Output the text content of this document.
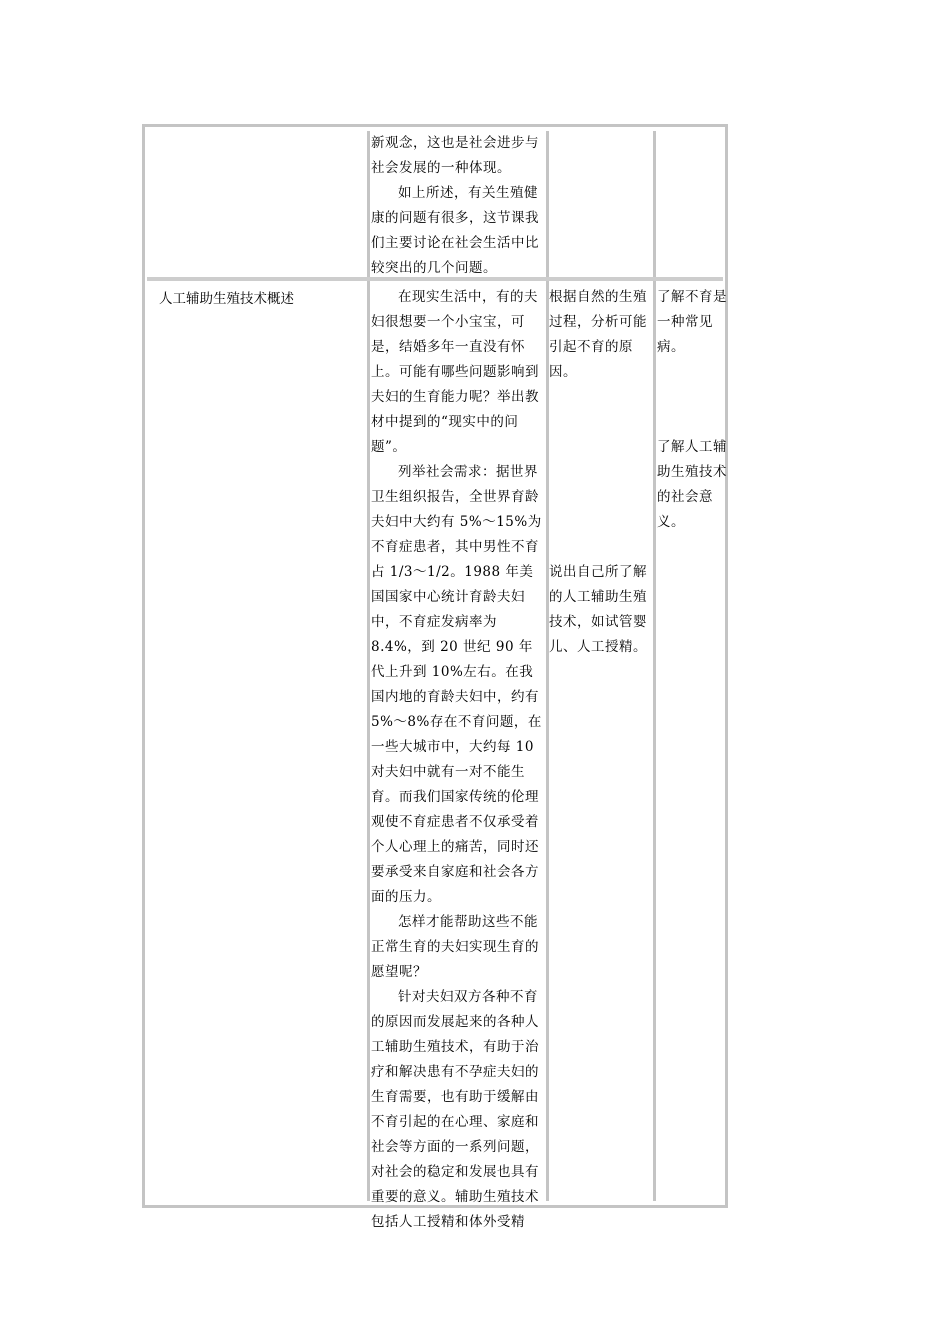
新观念，这也是社会进步与社会发展的一种体现。

如上所述，有关生殖健康的问题有很多，这节课我们主要讨论在社会生活中比较突出的几个问题。

人工辅助生殖技术概述	在现实生活中，有的夫妇很想要一个小宝宝，可是，结婚多年一直没有怀上。可能有哪些问题影响到夫妇的生育能力呢？举出教材中提到的“现实中的问题”。

列举社会需求：据世界卫生组织报告，全世界育龄夫妇中大约有 5%～15%为不育症患者，其中男性不育占 1/3～1/2。1988 年美国国家中心统计育龄夫妇中，不育症发病率为 8.4%，到 20 世纪 90 年代上升到 10%左右。在我国内地的育龄夫妇中，约有 5%～8%存在不育问题，在一些大城市中，大约每 10 对夫妇中就有一对不能生育。而我们国家传统的伦理观使不育症患者不仅承受着个人心理上的痛苦，同时还要承受来自家庭和社会各方面的压力。

怎样才能帮助这些不能正常生育的夫妇实现生育的愿望呢？

针对夫妇双方各种不育的原因而发展起来的各种人工辅助生殖技术，有助于治疗和解决患有不孕症夫妇的生育需要，也有助于缓解由不育引起的在心理、家庭和社会等方面的一系列问题，对社会的稳定和发展也具有重要的意义。辅助生殖技术包括人工授精和体外受精

根据自然的生殖过程，分析可能引起不育的原因。

说出自己所了解的人工辅助生殖技术，如试管婴儿、人工授精。

了解不育是一种常见病。

了解人工辅助生殖技术的社会意义。
